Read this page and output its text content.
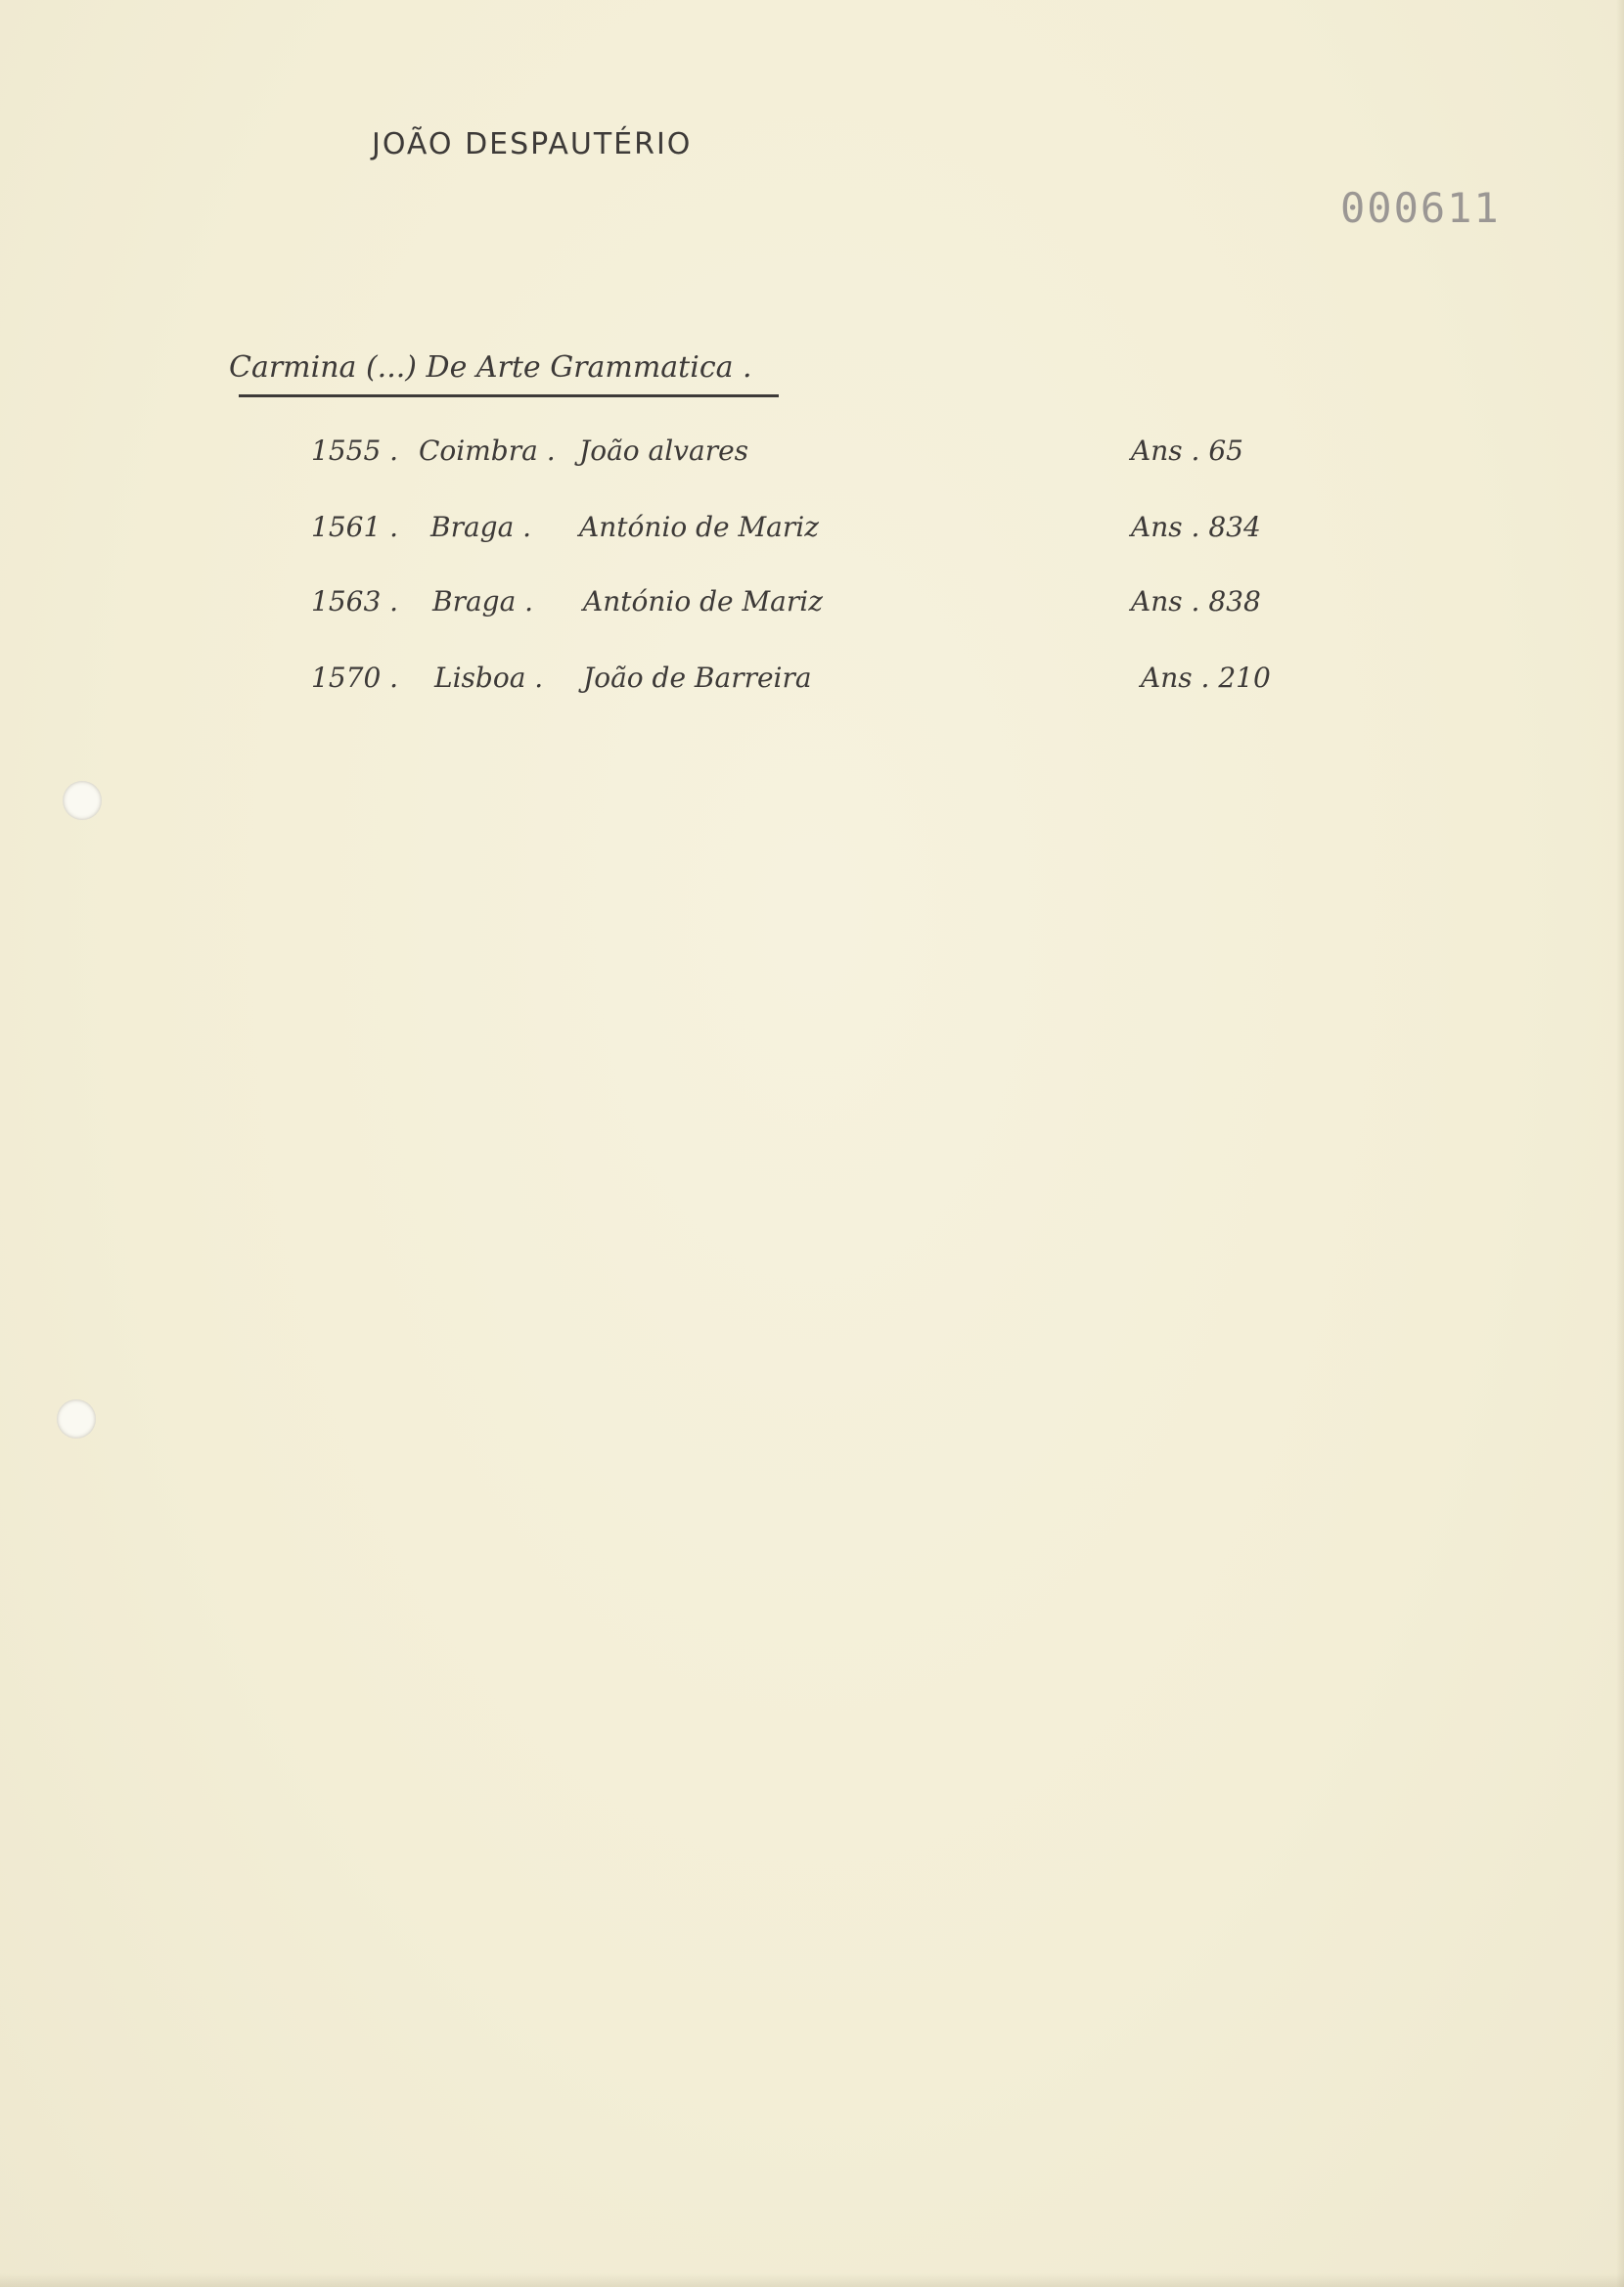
JOÃO DESPAUTÉRIO
000611
Carmina (...) De Arte Grammatica .
1555 . Coimbra . João alvares	Ans . 65
1561 . Braga . António de Mariz	Ans . 834
1563 . Braga . António de Mariz	Ans . 838
1570 . Lisboa . João de Barreira	Ans . 210
